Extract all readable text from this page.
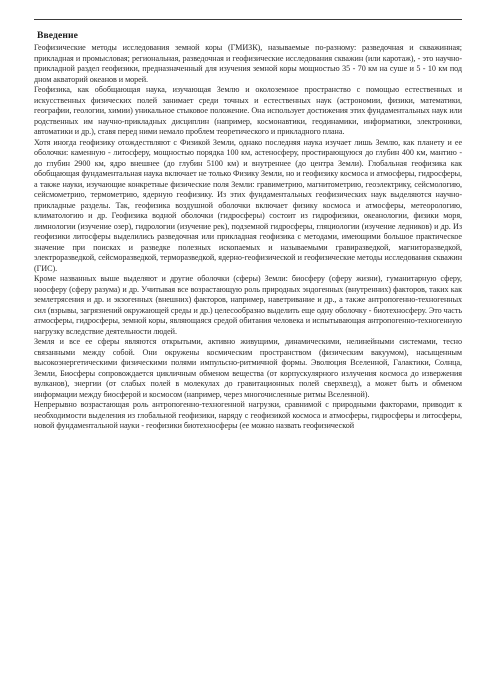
Введение

Геофизические методы исследования земной коры (ГМИЗК), называемые по-разному: разведочная и скважинная; прикладная и промысловая; региональная, разведочная и геофизические исследования скважин (или каротаж), - это научно-прикладной раздел геофизики, предназначенный для изучения земной коры мощностью 35 - 70 км на суше и 5 - 10 км под дном акваторий океанов и морей.

Геофизика, как обобщающая наука, изучающая Землю и околоземное пространство с помощью естественных и искусственных физических полей занимает среди точных и естественных наук (астрономии, физики, математики, географии, геологии, химии) уникальное стыковое положение. Она использует достижения этих фундаментальных наук или родственных им научно-прикладных дисциплин (например, космонавтики, геодинамики, информатики, электроники, автоматики и др.), ставя перед ними немало проблем теоретического и прикладного плана.

Хотя иногда геофизику отождествляют с Физикой Земли, однако последняя наука изучает лишь Землю, как планету и ее оболочки: каменную - литосферу, мощностью порядка 100 км, астеносферу, простирающуюся до глубин 400 км, мантию - до глубин 2900 км, ядро внешнее (до глубин 5100 км) и внутреннее (до центра Земли). Глобальная геофизика как обобщающая фундаментальная наука включает не только Физику Земли, но и геофизику космоса и атмосферы, гидросферы, а также науки, изучающие конкретные физические поля Земли: гравиметрию, магнитометрию, геоэлектрику, сейсмологию, сейсмометрию, термометрию, ядерную геофизику. Из этих фундаментальных геофизических наук выделяются научно-прикладные разделы. Так, геофизика воздушной оболочки включает физику космоса и атмосферы, метеорологию, климатологию и др. Геофизика водной оболочки (гидросферы) состоит из гидрофизики, океанологии, физики моря, лимнологии (изучение озер), гидрологии (изучение рек), подземной гидросферы, гляциологии (изучение ледников) и др. Из геофизики литосферы выделились разведочная или прикладная геофизика с методами, имеющими большое практическое значение при поисках и разведке полезных ископаемых и называемыми гравиразведкой, магниторазведкой, электроразведкой, сейсморазведкой, терморазведкой, ядерно-геофизической и геофизические методы исследования скважин (ГИС).

Кроме названных выше выделяют и другие оболочки (сферы) Земли: биосферу (сферу жизни), гуманитарную сферу, ноосферу (сферу разума) и др. Учитывая все возрастающую роль природных эндогенных (внутренних) факторов, таких как землетрясения и др. и экзогенных (внешних) факторов, например, наветривание и др., а также антропогенно-техногенных сил (взрывы, загрязнений окружающей среды и др.) целесообразно выделить еще одну оболочку - биотехносферу. Это часть атмосферы, гидросферы, земной коры, являющаяся средой обитания человека и испытывающая антропогенно-техногенную нагрузку вследствие деятельности людей.

Земля и все ее сферы являются открытыми, активно живущими, динамическими, нелинейными системами, тесно связанными между собой. Они окружены космическим пространством (физическим вакуумом), насыщенным высокоэнергетическими физическими полями импульсно-ритмичной формы. Эволюция Вселенной, Галактики, Солнца, Земли, Биосферы сопровождается цикличным обменом вещества (от корпускулярного излучения космоса до извержения вулканов), энергии (от слабых полей в молекулах до гравитационных полей сверхвезд), а может быть и обменом информации между биосферой и космосом (например, через многочисленные ритмы Вселенной).

Непрерывно возрастающая роль антропогенно-техногенной нагрузки, сравнимой с природными факторами, приводит к необходимости выделения из глобальной геофизики, наряду с геофизикой космоса и атмосферы, гидросферы и литосферы, новой фундаментальной науки - геофизики биотехносферы (ее можно назвать геофизической
